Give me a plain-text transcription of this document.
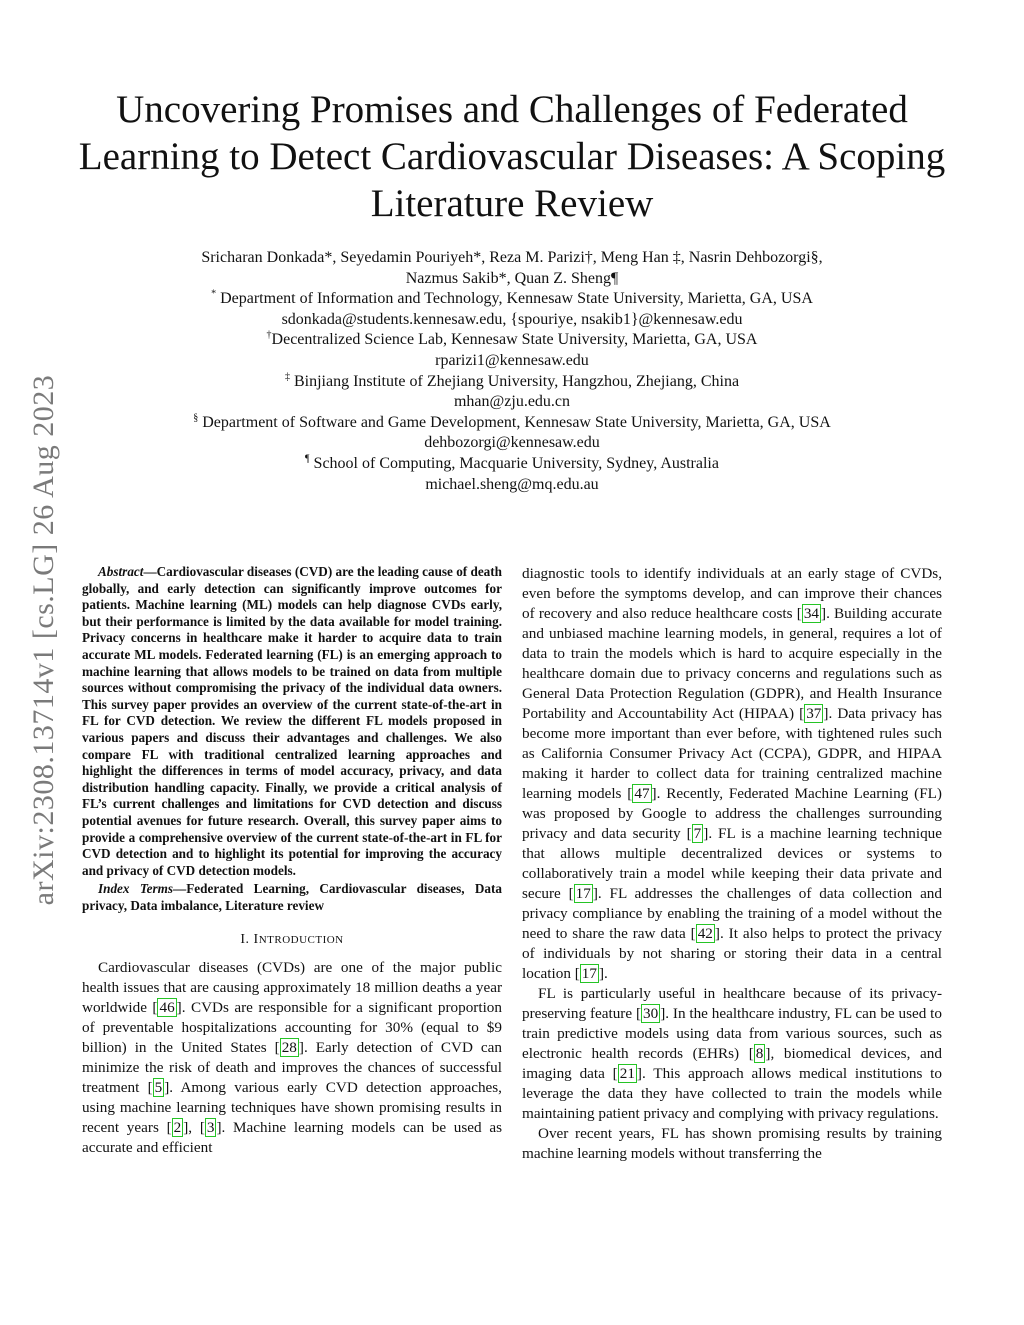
arXiv:2308.13714v1 [cs.LG] 26 Aug 2023
Uncovering Promises and Challenges of Federated Learning to Detect Cardiovascular Diseases: A Scoping Literature Review
Sricharan Donkada*, Seyedamin Pouriyeh*, Reza M. Parizi†, Meng Han ‡, Nasrin Dehbozorgi§,
Nazmus Sakib*, Quan Z. Sheng¶
* Department of Information and Technology, Kennesaw State University, Marietta, GA, USA
sdonkada@students.kennesaw.edu, {spouriye, nsakib1}@kennesaw.edu
†Decentralized Science Lab, Kennesaw State University, Marietta, GA, USA
rparizi1@kennesaw.edu
‡ Binjiang Institute of Zhejiang University, Hangzhou, Zhejiang, China
mhan@zju.edu.cn
§ Department of Software and Game Development, Kennesaw State University, Marietta, GA, USA
dehbozorgi@kennesaw.edu
¶ School of Computing, Macquarie University, Sydney, Australia
michael.sheng@mq.edu.au

Abstract—Cardiovascular diseases (CVD) are the leading cause of death globally, and early detection can significantly improve outcomes for patients. Machine learning (ML) models can help diagnose CVDs early, but their performance is limited by the data available for model training. Privacy concerns in healthcare make it harder to acquire data to train accurate ML models. Federated learning (FL) is an emerging approach to machine learning that allows models to be trained on data from multiple sources without compromising the privacy of the individual data owners. This survey paper provides an overview of the current state-of-the-art in FL for CVD detection. We review the different FL models proposed in various papers and discuss their advantages and challenges. We also compare FL with traditional centralized learning approaches and highlight the differences in terms of model accuracy, privacy, and data distribution handling capacity. Finally, we provide a critical analysis of FL’s current challenges and limitations for CVD detection and discuss potential avenues for future research. Overall, this survey paper aims to provide a comprehensive overview of the current state-of-the-art in FL for CVD detection and to highlight its potential for improving the accuracy and privacy of CVD detection models.

Index Terms—Federated Learning, Cardiovascular diseases, Data privacy, Data imbalance, Literature review

I. INTRODUCTION

Cardiovascular diseases (CVDs) are one of the major public health issues that are causing approximately 18 million deaths a year worldwide [ 46 ]. CVDs are responsible for a significant proportion of preventable hospitalizations accounting for 30% (equal to $9 billion) in the United States [ 28 ]. Early detection of CVD can minimize the risk of death and improves the chances of successful treatment [ 5 ]. Among various early CVD detection approaches, using machine learning techniques have shown promising results in recent years [ 2 ], [ 3 ]. Machine learning models can be used as accurate and efficient

diagnostic tools to identify individuals at an early stage of CVDs, even before the symptoms develop, and can improve their chances of recovery and also reduce healthcare costs [ 34 ]. Building accurate and unbiased machine learning models, in general, requires a lot of data to train the models which is hard to acquire especially in the healthcare domain due to privacy concerns and regulations such as General Data Protection Regulation (GDPR), and Health Insurance Portability and Accountability Act (HIPAA) [ 37 ]. Data privacy has become more important than ever before, with tightened rules such as California Consumer Privacy Act (CCPA), GDPR, and HIPAA making it harder to collect data for training centralized machine learning models [ 47 ]. Recently, Federated Machine Learning (FL) was proposed by Google to address the challenges surrounding privacy and data security [ 7 ]. FL is a machine learning technique that allows multiple decentralized devices or systems to collaboratively train a model while keeping their data private and secure [ 17 ]. FL addresses the challenges of data collection and privacy compliance by enabling the training of a model without the need to share the raw data [ 42 ]. It also helps to protect the privacy of individuals by not sharing or storing their data in a central location [ 17 ].

FL is particularly useful in healthcare because of its privacy-preserving feature [ 30 ]. In the healthcare industry, FL can be used to train predictive models using data from various sources, such as electronic health records (EHRs) [ 8 ], biomedical devices, and imaging data [ 21 ]. This approach allows medical institutions to leverage the data they have collected to train the models while maintaining patient privacy and complying with privacy regulations.

Over recent years, FL has shown promising results by training machine learning models without transferring the
